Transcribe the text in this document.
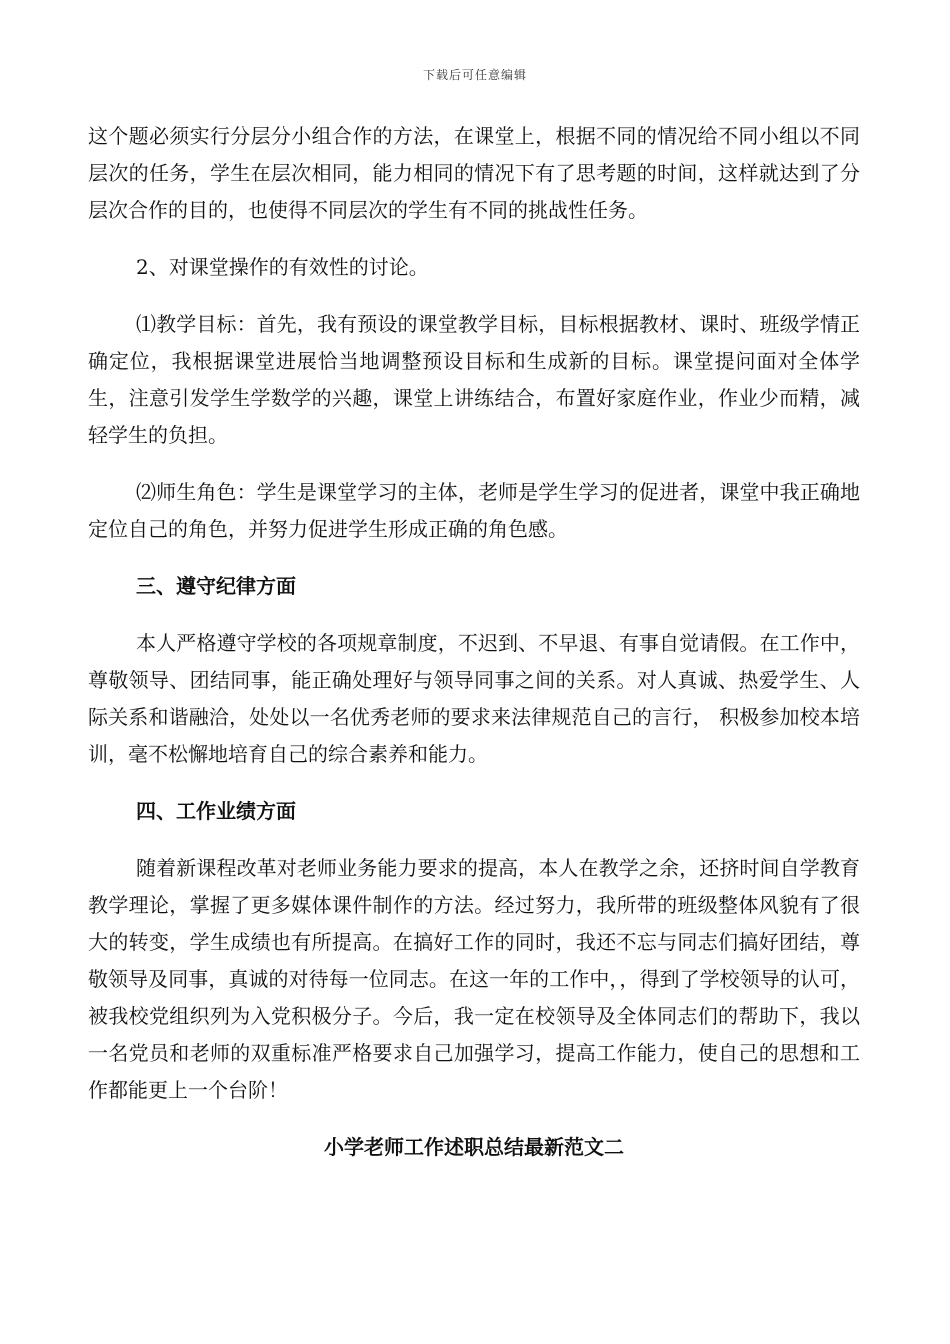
下载后可任意编辑

这个题必须实行分层分小组合作的方法，在课堂上，根据不同的情况给不同小组以不同层次的任务，学生在层次相同，能力相同的情况下有了思考题的时间，这样就达到了分层次合作的目的，也使得不同层次的学生有不同的挑战性任务。

2、对课堂操作的有效性的讨论。

⑴教学目标：首先，我有预设的课堂教学目标，目标根据教材、课时、班级学情正确定位，我根据课堂进展恰当地调整预设目标和生成新的目标。课堂提问面对全体学生，注意引发学生学数学的兴趣，课堂上讲练结合，布置好家庭作业，作业少而精，减轻学生的负担。

⑵师生角色：学生是课堂学习的主体，老师是学生学习的促进者，课堂中我正确地定位自己的角色，并努力促进学生形成正确的角色感。

三、遵守纪律方面

本人严格遵守学校的各项规章制度，不迟到、不早退、有事自觉请假。在工作中，尊敬领导、团结同事，能正确处理好与领导同事之间的关系。对人真诚、热爱学生、人际关系和谐融洽，处处以一名优秀老师的要求来法律规范自己的言行， 积极参加校本培训，毫不松懈地培育自己的综合素养和能力。

四、工作业绩方面

随着新课程改革对老师业务能力要求的提高，本人在教学之余，还挤时间自学教育教学理论，掌握了更多媒体课件制作的方法。经过努力，我所带的班级整体风貌有了很大的转变，学生成绩也有所提高。在搞好工作的同时，我还不忘与同志们搞好团结，尊敬领导及同事，真诚的对待每一位同志。在这一年的工作中，，得到了学校领导的认可，被我校党组织列为入党积极分子。今后，我一定在校领导及全体同志们的帮助下，我以一名党员和老师的双重标准严格要求自己加强学习，提高工作能力，使自己的思想和工作都能更上一个台阶！

小学老师工作述职总结最新范文二
